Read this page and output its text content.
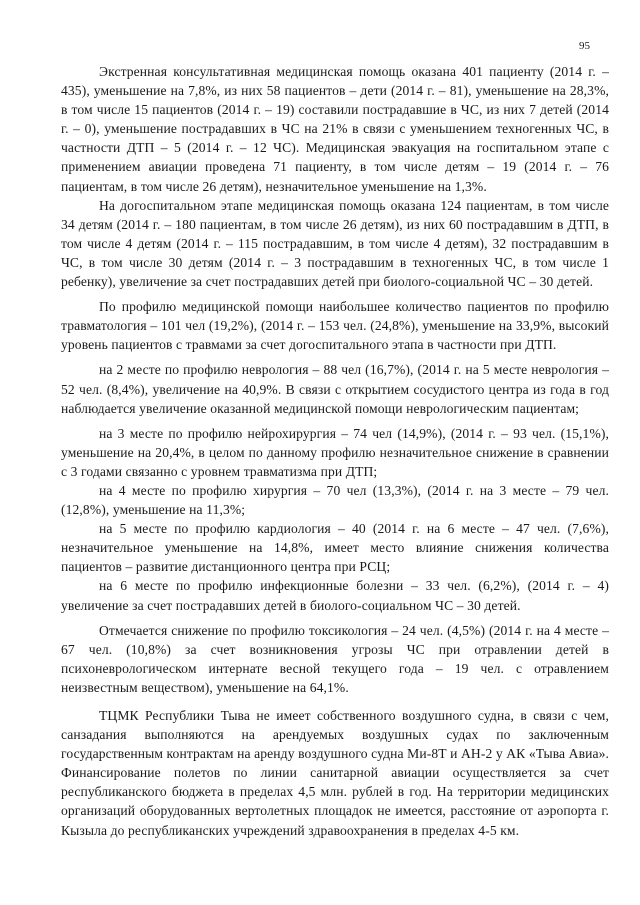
95

Экстренная консультативная медицинская помощь оказана 401 пациенту (2014 г. – 435), уменьшение на 7,8%, из них 58 пациентов – дети (2014 г. – 81), уменьшение на 28,3%, в том числе 15 пациентов (2014 г. – 19) составили пострадавшие в ЧС, из них 7 детей (2014 г. – 0), уменьшение пострадавших в ЧС на 21% в связи с уменьшением техногенных ЧС, в частности ДТП – 5 (2014 г. – 12 ЧС). Медицинская эвакуация на госпитальном этапе с применением авиации проведена 71 пациенту, в том числе детям – 19 (2014 г. – 76 пациентам, в том числе 26 детям), незначительное уменьшение на 1,3%.

На догоспитальном этапе медицинская помощь оказана 124 пациентам, в том числе 34 детям (2014 г. – 180 пациентам, в том числе 26 детям), из них 60 пострадавшим в ДТП, в том числе 4 детям (2014 г. – 115 пострадавшим, в том числе 4 детям), 32 пострадавшим в ЧС, в том числе 30 детям (2014 г. – 3 пострадавшим в техногенных ЧС, в том числе 1 ребенку), увеличение за счет пострадавших детей при биолого-социальной ЧС – 30 детей.

По профилю медицинской помощи наибольшее количество пациентов по профилю травматология – 101 чел (19,2%), (2014 г. – 153 чел. (24,8%), уменьшение на 33,9%, высокий уровень пациентов с травмами за счет догоспитального этапа в частности при ДТП.

на 2 месте по профилю неврология – 88 чел (16,7%), (2014 г. на 5 месте неврология – 52 чел. (8,4%), увеличение на 40,9%. В связи с открытием сосудистого центра из года в год наблюдается увеличение оказанной медицинской помощи неврологическим пациентам;

на 3 месте по профилю нейрохирургия – 74 чел (14,9%), (2014 г. – 93 чел. (15,1%), уменьшение на 20,4%, в целом по данному профилю незначительное снижение в сравнении с 3 годами связанно с уровнем травматизма при ДТП;

на 4 месте по профилю хирургия – 70 чел (13,3%), (2014 г. на 3 месте – 79 чел. (12,8%), уменьшение на 11,3%;

на 5 месте по профилю кардиология – 40 (2014 г. на 6 месте – 47 чел. (7,6%), незначительное уменьшение на 14,8%, имеет место влияние снижения количества пациентов – развитие дистанционного центра при РСЦ;

на 6 месте по профилю инфекционные болезни – 33 чел. (6,2%), (2014 г. – 4) увеличение за счет пострадавших детей в биолого-социальном ЧС – 30 детей.

Отмечается снижение по профилю токсикология – 24 чел. (4,5%) (2014 г. на 4 месте – 67 чел. (10,8%) за счет возникновения угрозы ЧС при отравлении детей в психоневрологическом интернате весной текущего года – 19 чел. с отравлением неизвестным веществом), уменьшение на 64,1%.

ТЦМК Республики Тыва не имеет собственного воздушного судна, в связи с чем, санзадания выполняются на арендуемых воздушных судах по заключенным государственным контрактам на аренду воздушного судна Ми-8Т и АН-2 у АК «Тыва Авиа». Финансирование полетов по линии санитарной авиации осуществляется за счет республиканского бюджета в пределах 4,5 млн. рублей в год. На территории медицинских организаций оборудованных вертолетных площадок не имеется, расстояние от аэропорта г. Кызыла до республиканских учреждений здравоохранения в пределах 4-5 км.
